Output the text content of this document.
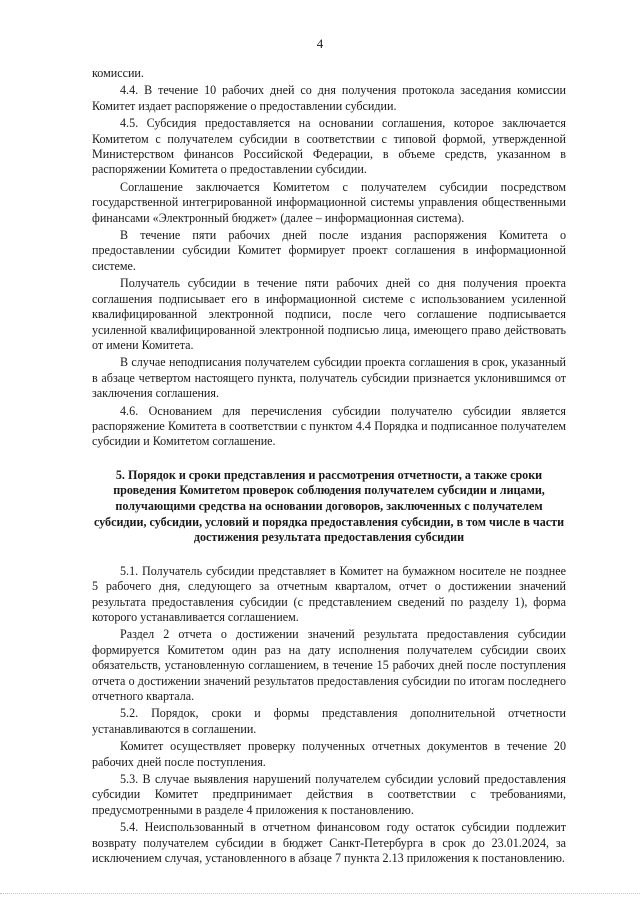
4

комиссии.

4.4. В течение 10 рабочих дней со дня получения протокола заседания комиссии Комитет издает распоряжение о предоставлении субсидии.

4.5. Субсидия предоставляется на основании соглашения, которое заключается Комитетом с получателем субсидии в соответствии с типовой формой, утвержденной Министерством финансов Российской Федерации, в объеме средств, указанном в распоряжении Комитета о предоставлении субсидии.

Соглашение заключается Комитетом с получателем субсидии посредством государственной интегрированной информационной системы управления общественными финансами «Электронный бюджет» (далее – информационная система).

В течение пяти рабочих дней после издания распоряжения Комитета о предоставлении субсидии Комитет формирует проект соглашения в информационной системе.

Получатель субсидии в течение пяти рабочих дней со дня получения проекта соглашения подписывает его в информационной системе с использованием усиленной квалифицированной электронной подписи, после чего соглашение подписывается усиленной квалифицированной электронной подписью лица, имеющего право действовать от имени Комитета.

В случае неподписания получателем субсидии проекта соглашения в срок, указанный в абзаце четвертом настоящего пункта, получатель субсидии признается уклонившимся от заключения соглашения.

4.6. Основанием для перечисления субсидии получателю субсидии является распоряжение Комитета в соответствии с пунктом 4.4 Порядка и подписанное получателем субсидии и Комитетом соглашение.

5. Порядок и сроки представления и рассмотрения отчетности, а также сроки проведения Комитетом проверок соблюдения получателем субсидии и лицами, получающими средства на основании договоров, заключенных с получателем субсидии, субсидии, условий и порядка предоставления субсидии, в том числе в части достижения результата предоставления субсидии

5.1. Получатель субсидии представляет в Комитет на бумажном носителе не позднее 5 рабочего дня, следующего за отчетным кварталом, отчет о достижении значений результата предоставления субсидии (с представлением сведений по разделу 1), форма которого устанавливается соглашением.

Раздел 2 отчета о достижении значений результата предоставления субсидии формируется Комитетом один раз на дату исполнения получателем субсидии своих обязательств, установленную соглашением, в течение 15 рабочих дней после поступления отчета о достижении значений результатов предоставления субсидии по итогам последнего отчетного квартала.

5.2. Порядок, сроки и формы представления дополнительной отчетности устанавливаются в соглашении.

Комитет осуществляет проверку полученных отчетных документов в течение 20 рабочих дней после поступления.

5.3. В случае выявления нарушений получателем субсидии условий предоставления субсидии Комитет предпринимает действия в соответствии с требованиями, предусмотренными в разделе 4 приложения к постановлению.

5.4. Неиспользованный в отчетном финансовом году остаток субсидии подлежит возврату получателем субсидии в бюджет Санкт-Петербурга в срок до 23.01.2024, за исключением случая, установленного в абзаце 7 пункта 2.13 приложения к постановлению.
